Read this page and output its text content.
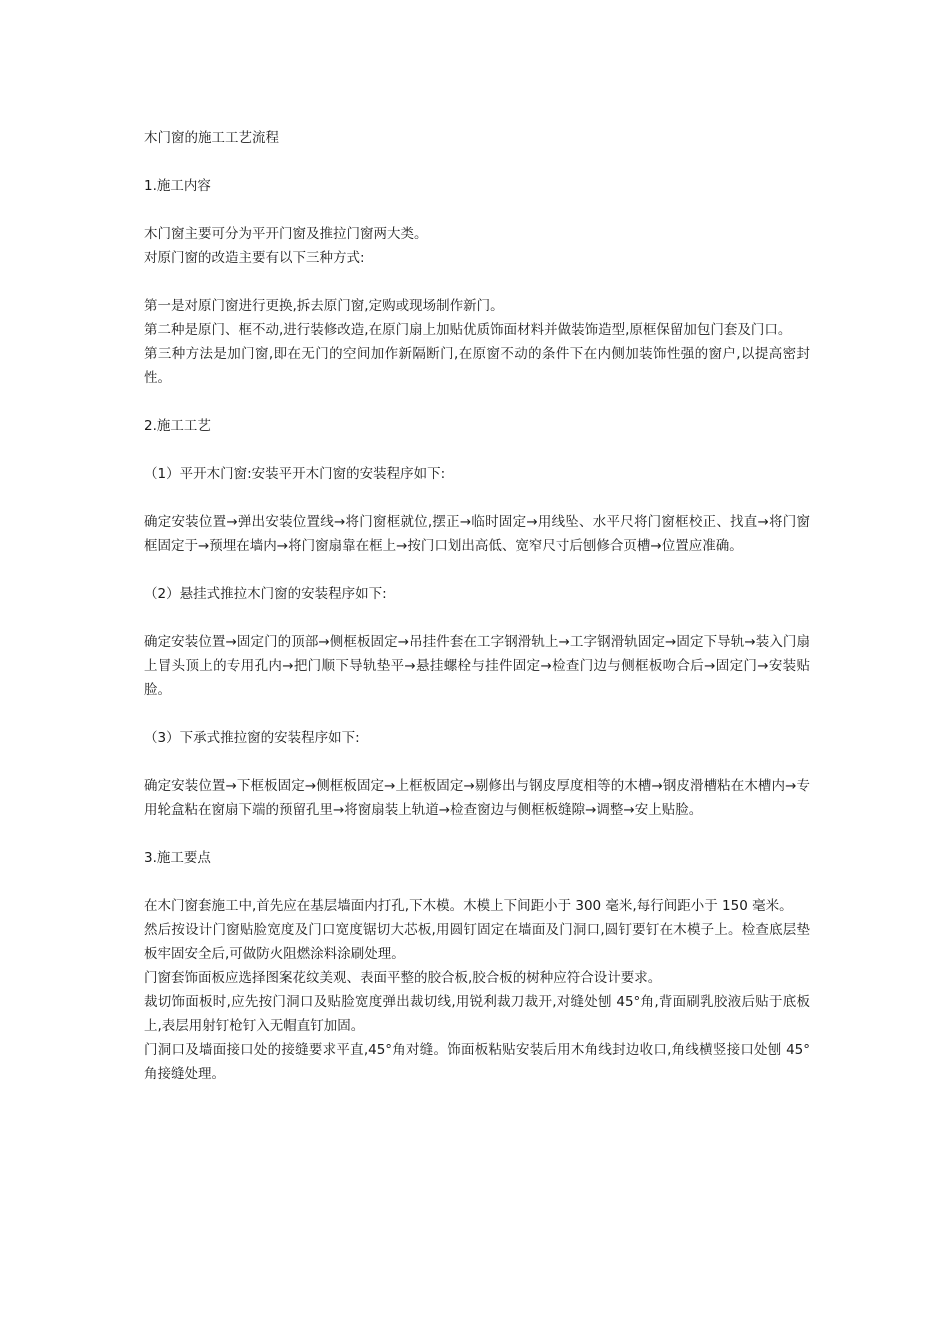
木门窗的施工工艺流程

1.施工内容

木门窗主要可分为平开门窗及推拉门窗两大类。

对原门窗的改造主要有以下三种方式:

第一是对原门窗进行更换,拆去原门窗,定购或现场制作新门。

第二种是原门、框不动,进行装修改造,在原门扇上加贴优质饰面材料并做装饰造型,原框保留加包门套及门口。

第三种方法是加门窗,即在无门的空间加作新隔断门,在原窗不动的条件下在内侧加装饰性强的窗户,以提高密封性。

2.施工工艺

（1）平开木门窗:安装平开木门窗的安装程序如下:

确定安装位置→弹出安装位置线→将门窗框就位,摆正→临时固定→用线坠、水平尺将门窗框校正、找直→将门窗框固定于→预埋在墙内→将门窗扇靠在框上→按门口划出高低、宽窄尺寸后刨修合页槽→位置应准确。

（2）悬挂式推拉木门窗的安装程序如下:

确定安装位置→固定门的顶部→侧框板固定→吊挂件套在工字钢滑轨上→工字钢滑轨固定→固定下导轨→装入门扇上冒头顶上的专用孔内→把门顺下导轨垫平→悬挂螺栓与挂件固定→检查门边与侧框板吻合后→固定门→安装贴脸。

（3）下承式推拉窗的安装程序如下:

确定安装位置→下框板固定→侧框板固定→上框板固定→剔修出与钢皮厚度相等的木槽→钢皮滑槽粘在木槽内→专用轮盒粘在窗扇下端的预留孔里→将窗扇装上轨道→检查窗边与侧框板缝隙→调整→安上贴脸。

3.施工要点

在木门窗套施工中,首先应在基层墙面内打孔,下木模。木模上下间距小于 300 毫米,每行间距小于 150 毫米。

然后按设计门窗贴脸宽度及门口宽度锯切大芯板,用圆钉固定在墙面及门洞口,圆钉要钉在木模子上。检查底层垫板牢固安全后,可做防火阻燃涂料涂刷处理。

门窗套饰面板应选择图案花纹美观、表面平整的胶合板,胶合板的树种应符合设计要求。

裁切饰面板时,应先按门洞口及贴脸宽度弹出裁切线,用锐利裁刀裁开,对缝处刨 45°角,背面刷乳胶液后贴于底板上,表层用射钉枪钉入无帽直钉加固。

门洞口及墙面接口处的接缝要求平直,45°角对缝。饰面板粘贴安装后用木角线封边收口,角线横竖接口处刨 45°角接缝处理。
